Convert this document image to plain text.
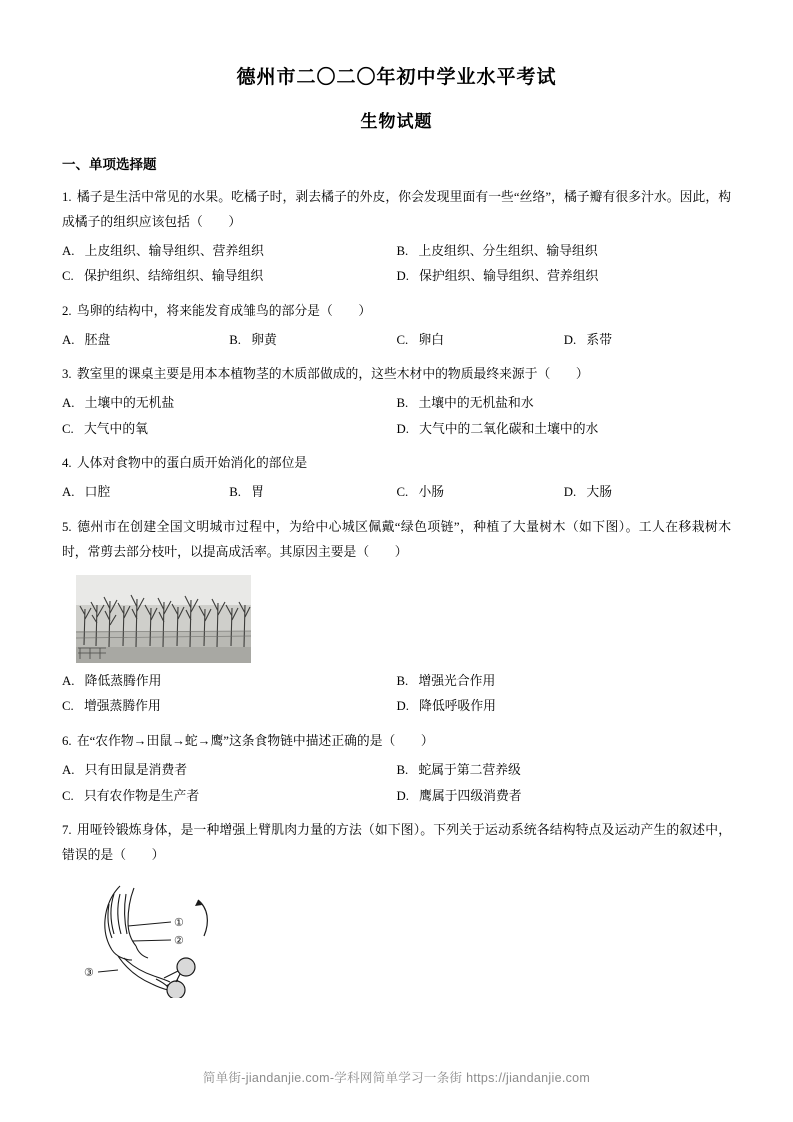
德州市二〇二〇年初中学业水平考试
生物试题
一、单项选择题
1. 橘子是生活中常见的水果。吃橘子时，剥去橘子的外皮，你会发现里面有一些“丝络”，橘子瓣有很多汁水。因此，构成橘子的组织应该包括（　　）
A. 上皮组织、输导组织、营养组织	B. 上皮组织、分生组织、输导组织
C. 保护组织、结缔组织、输导组织	D. 保护组织、输导组织、营养组织
2. 鸟卵的结构中，将来能发育成雏鸟的部分是（　　）
A. 胚盘	B. 卵黄	C. 卵白	D. 系带
3. 教室里的课桌主要是用本本植物茎的木质部做成的，这些木材中的物质最终来源于（　　）
A. 土壤中的无机盐	B. 土壤中的无机盐和水
C. 大气中的氧	D. 大气中的二氧化碳和土壤中的水
4. 人体对食物中的蛋白质开始消化的部位是
A. 口腔	B. 胃	C. 小肠	D. 大肠
5. 德州市在创建全国文明城市过程中，为给中心城区佩戴“绿色项链”，种植了大量树木（如下图）。工人在移栽树木时，常剪去部分枝叶，以提高成活率。其原因主要是（　　）
A. 降低蒸腾作用	B. 增强光合作用
C. 增强蒸腾作用	D. 降低呼吸作用
6. 在“农作物→田鼠→蛇→鹰”这条食物链中描述正确的是（　　）
A. 只有田鼠是消费者	B. 蛇属于第二营养级
C. 只有农作物是生产者	D. 鹰属于四级消费者
7. 用哑铃锻炼身体，是一种增强上臂肌肉力量的方法（如下图）。下列关于运动系统各结构特点及运动产生的叙述中，错误的是（　　）
①
②
③
简单街-jiandanjie.com-学科网简单学习一条街 https://jiandanjie.com
